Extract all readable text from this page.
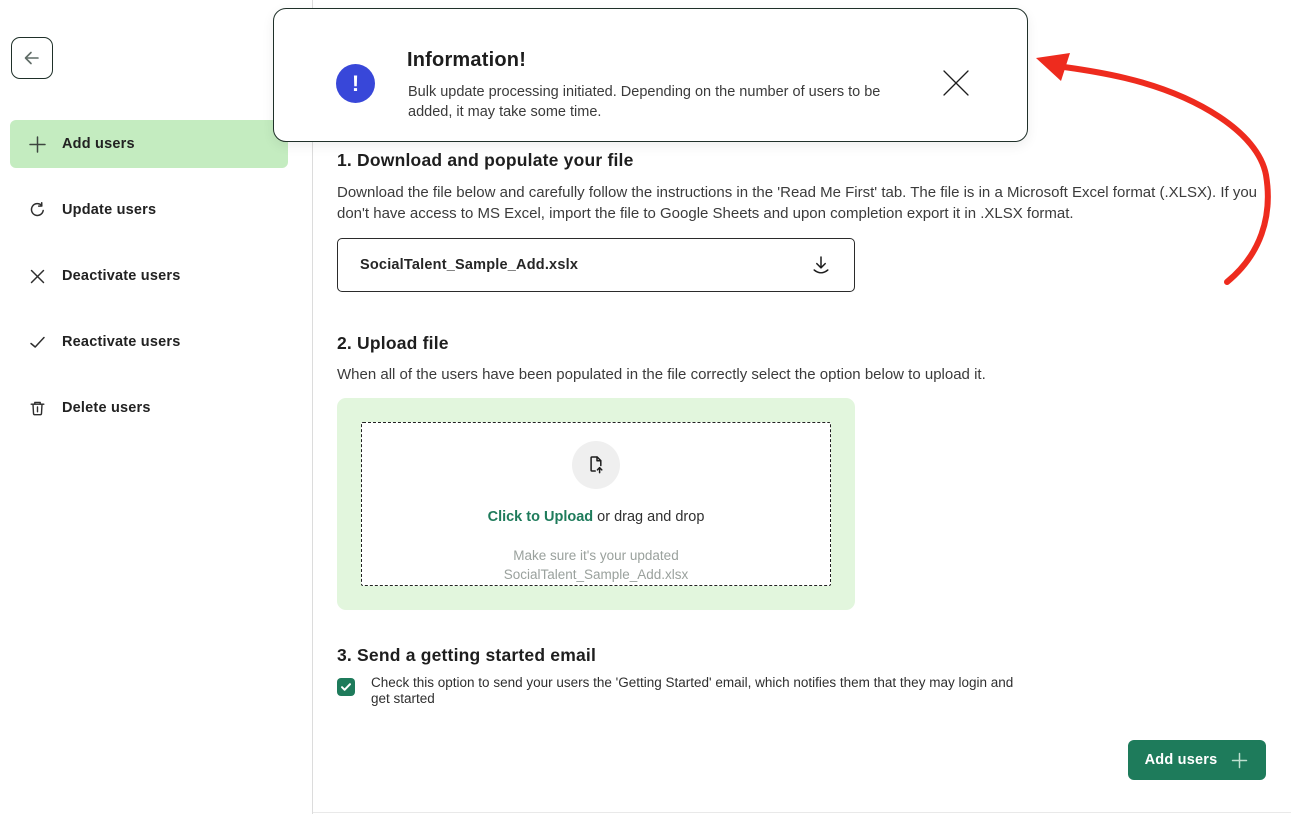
Add users
Update users
Deactivate users
Reactivate users
Delete users
1. Download and populate your file

Download the file below and carefully follow the instructions in the 'Read Me First' tab. The file is in a Microsoft Excel format (.XLSX). If you don't have access to MS Excel, import the file to Google Sheets and upon completion export it in .XLSX format.

SocialTalent_Sample_Add.xslx
2. Upload file

When all of the users have been populated in the file correctly select the option below to upload it.

Click to Upload or drag and drop
Make sure it's your updated
SocialTalent_Sample_Add.xlsx
3. Send a getting started email
Check this option to send your users the 'Getting Started' email, which notifies them that they may login and get started
Add users
!
Information!
Bulk update processing initiated. Depending on the number of users to be added, it may take some time.
